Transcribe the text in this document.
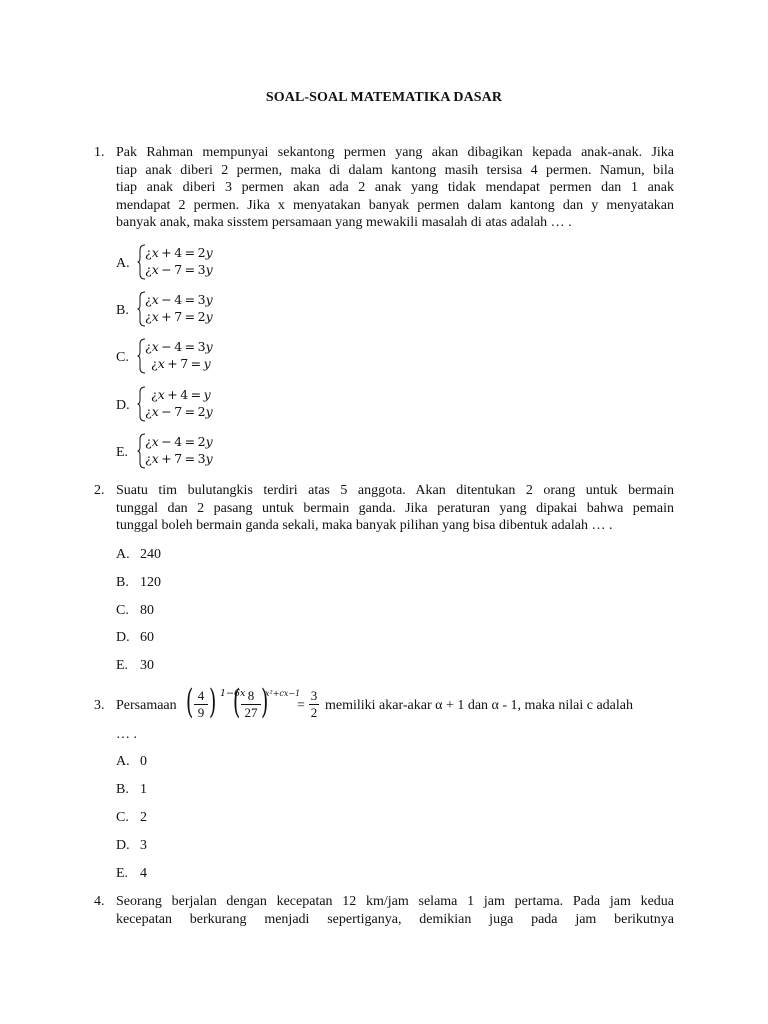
SOAL-SOAL MATEMATIKA DASAR
1. Pak Rahman mempunyai sekantong permen yang akan dibagikan kepada anak-anak. Jika
tiap anak diberi 2 permen, maka di dalam kantong masih tersisa 4 permen. Namun, bila
tiap anak diberi 3 permen akan ada 2 anak yang tidak mendapat permen dan 1 anak
mendapat 2 permen. Jika x menyatakan banyak permen dalam kantong dan y menyatakan
banyak anak, maka sisstem persamaan yang mewakili masalah di atas adalah … .
A.
¿x + 4 = 2y
¿x − 7 = 3y
B.
¿x − 4 = 3y
¿x + 7 = 2y
C.
¿x − 4 = 3y
¿x + 7 = y
D.
¿x + 4 = y
¿x − 7 = 2y
E.
¿x − 4 = 2y
¿x + 7 = 3y
2. Suatu tim bulutangkis terdiri atas 5 anggota. Akan ditentukan 2 orang untuk bermain
tunggal dan 2 pasang untuk bermain ganda. Jika peraturan yang dipakai bahwa pemain
tunggal boleh bermain ganda sekali, maka banyak pilihan yang bisa dibentuk adalah … .
A. 240
B. 120
C. 80
D. 60
E. 30
3. Persamaan ( $\frac{4}{9}$ ) 1−6x
( $\frac{8}{27}$ )
x²+cx−1
= $\frac{3}{2}$ memiliki akar-akar α + 1 dan α - 1, maka nilai c adalah
… .
A. 0
B. 1
C. 2
D. 3
E. 4
4. Seorang berjalan dengan kecepatan 12 km/jam selama 1 jam pertama. Pada jam kedua
kecepatan berkurang menjadi sepertiganya, demikian juga pada jam berikutnya
